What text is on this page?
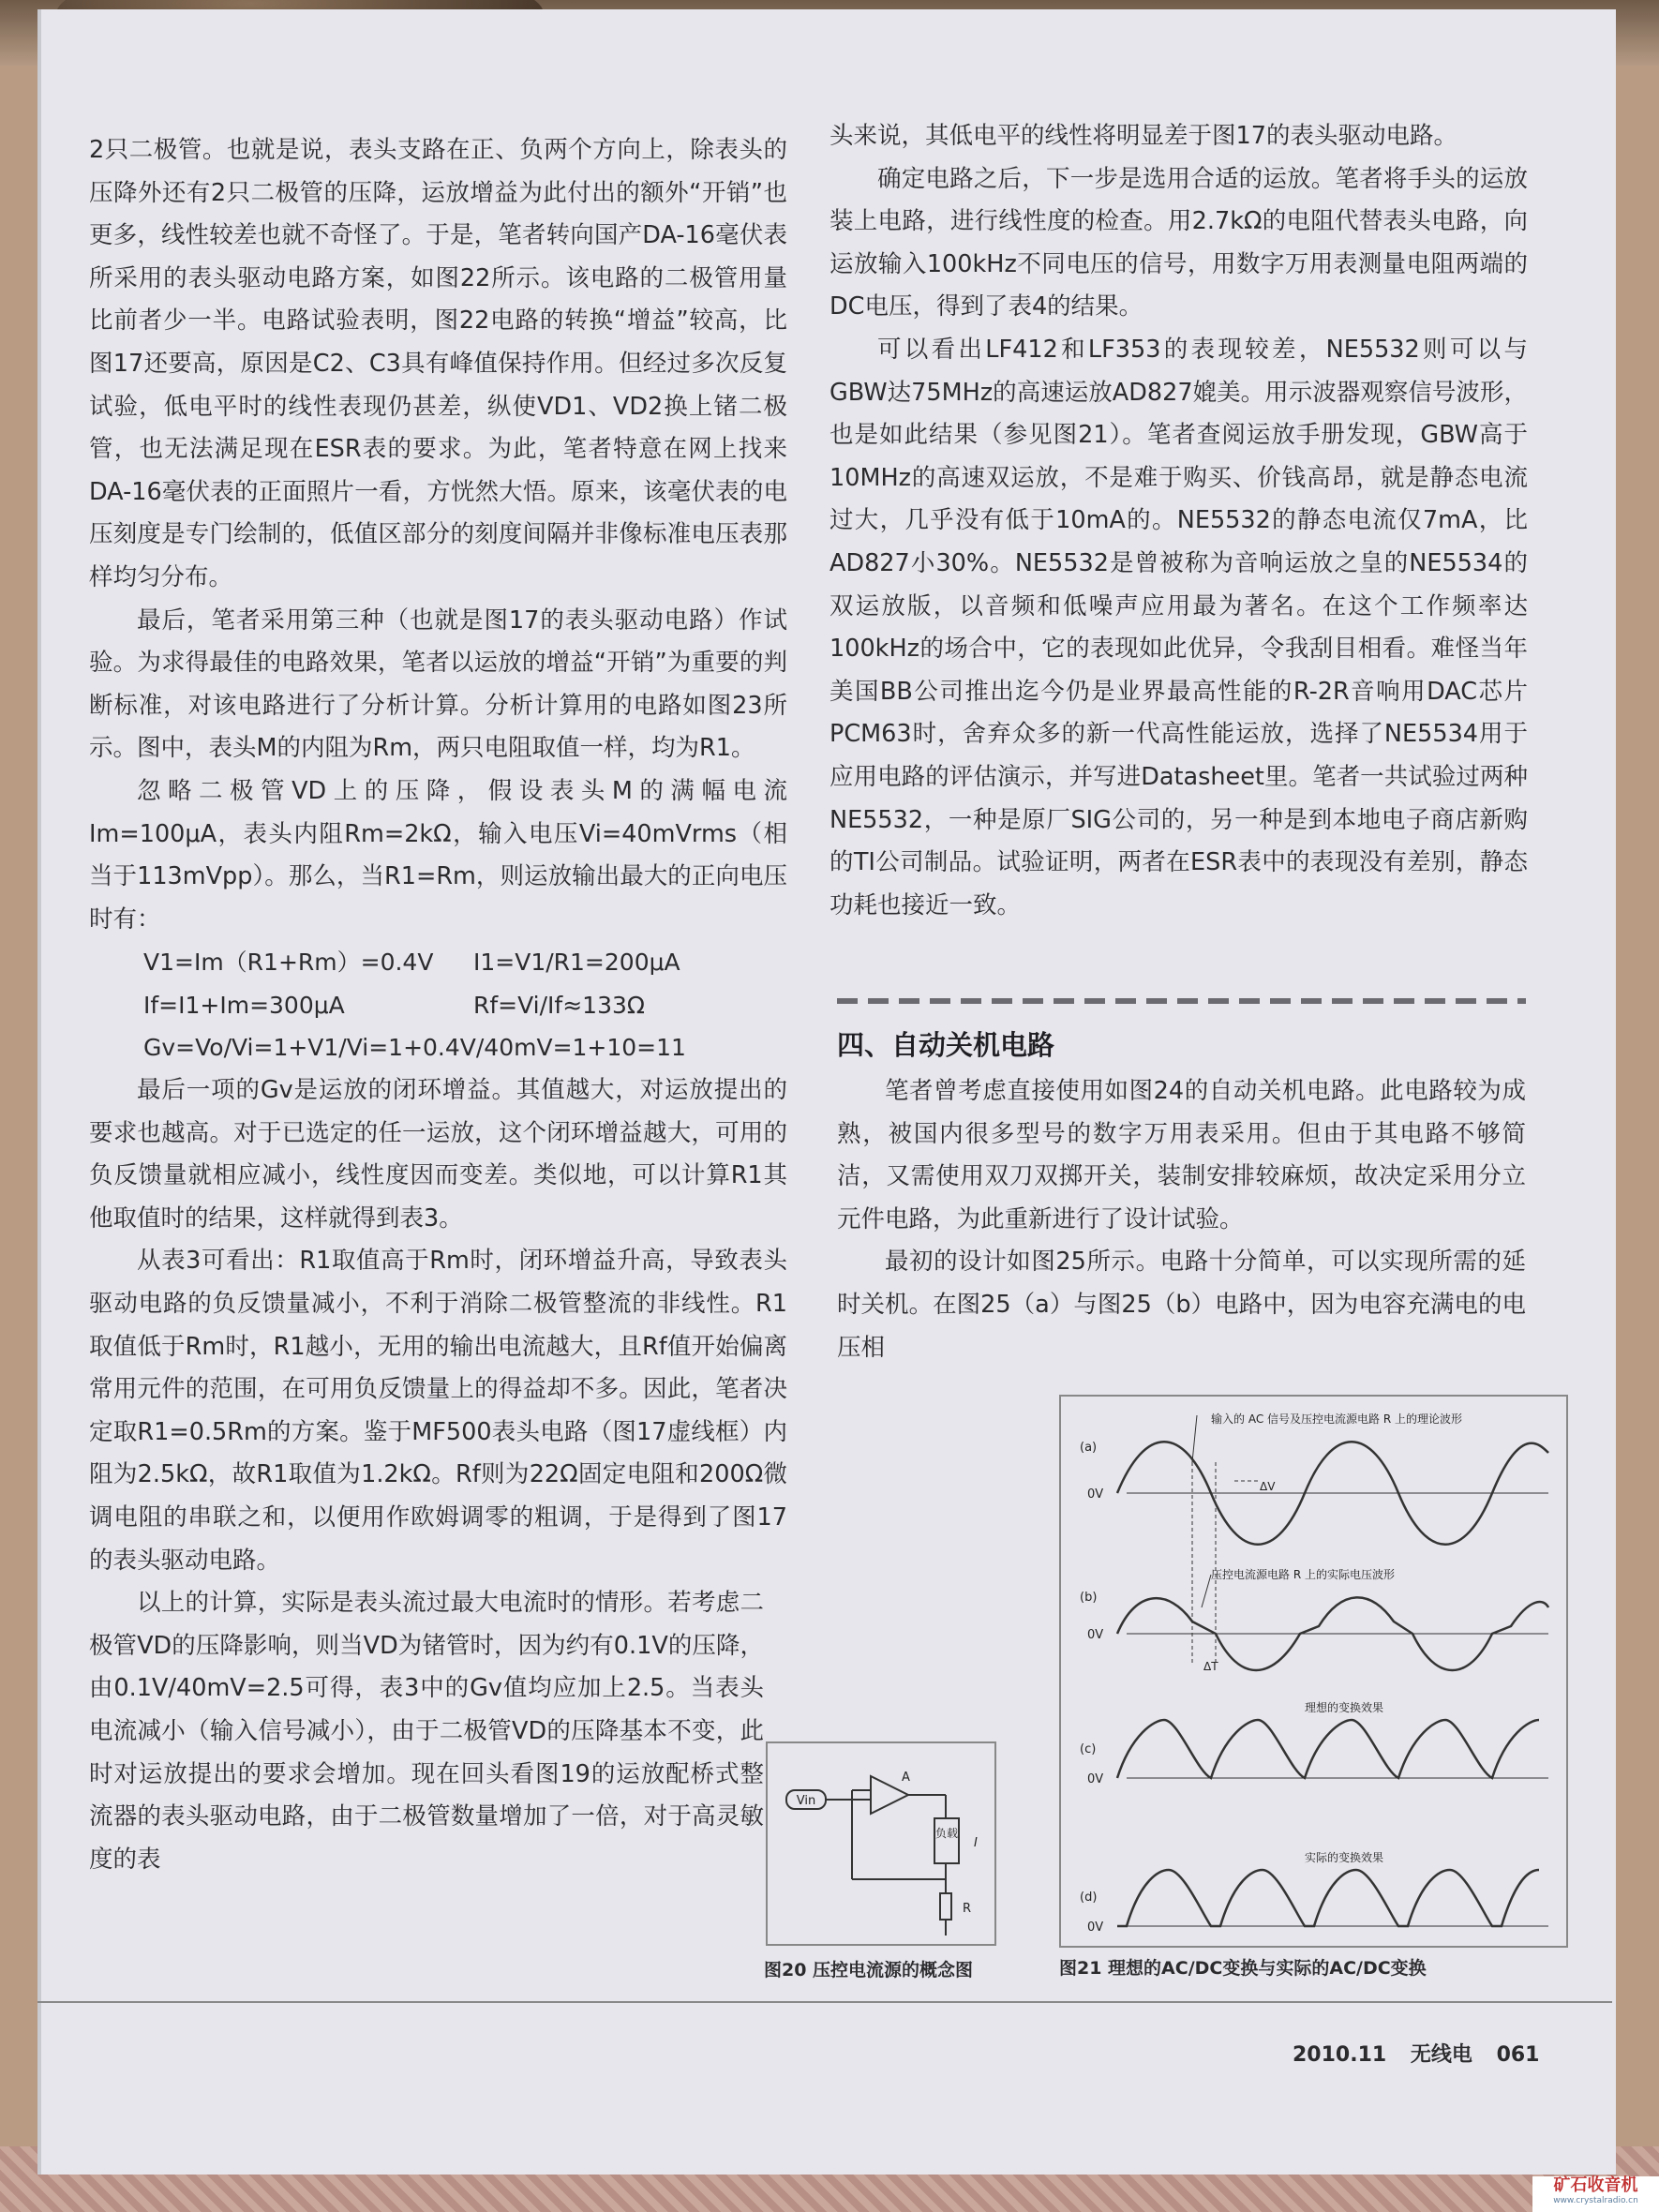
2只二极管。也就是说，表头支路在正、负两个方向上，除表头的压降外还有2只二极管的压降，运放增益为此付出的额外“开销”也更多，线性较差也就不奇怪了。于是，笔者转向国产DA-16毫伏表所采用的表头驱动电路方案，如图22所示。该电路的二极管用量比前者少一半。电路试验表明，图22电路的转换“增益”较高，比图17还要高，原因是C2、C3具有峰值保持作用。但经过多次反复试验，低电平时的线性表现仍甚差，纵使VD1、VD2换上锗二极管，也无法满足现在ESR表的要求。为此，笔者特意在网上找来DA-16毫伏表的正面照片一看，方恍然大悟。原来，该毫伏表的电压刻度是专门绘制的，低值区部分的刻度间隔并非像标准电压表那样均匀分布。

最后，笔者采用第三种（也就是图17的表头驱动电路）作试验。为求得最佳的电路效果，笔者以运放的增益“开销”为重要的判断标准，对该电路进行了分析计算。分析计算用的电路如图23所示。图中，表头M的内阻为Rm，两只电阻取值一样，均为R1。

忽略二极管VD上的压降，假设表头M的满幅电流Im=100μA，表头内阻Rm=2kΩ，输入电压Vi=40mVrms（相当于113mVpp）。那么，当R1=Rm，则运放输出最大的正向电压时有：

V1=Im（R1+Rm）=0.4V I1=V1/R1=200μA
If=I1+Im=300μA	Rf=Vi/If≈133Ω
Gv=Vo/Vi=1+V1/Vi=1+0.4V/40mV=1+10=11

最后一项的Gv是运放的闭环增益。其值越大，对运放提出的要求也越高。对于已选定的任一运放，这个闭环增益越大，可用的负反馈量就相应减小，线性度因而变差。类似地，可以计算R1其他取值时的结果，这样就得到表3。

从表3可看出：R1取值高于Rm时，闭环增益升高，导致表头驱动电路的负反馈量减小，不利于消除二极管整流的非线性。R1取值低于Rm时，R1越小，无用的输出电流越大，且Rf值开始偏离常用元件的范围，在可用负反馈量上的得益却不多。因此，笔者决定取R1=0.5Rm的方案。鉴于MF500表头电路（图17虚线框）内阻为2.5kΩ，故R1取值为1.2kΩ。Rf则为22Ω固定电阻和200Ω微调电阻的串联之和，以便用作欧姆调零的粗调，于是得到了图17的表头驱动电路。

以上的计算，实际是表头流过最大电流时的情形。若考虑二极管VD的压降影响，则当VD为锗管时，因为约有0.1V的压降，由0.1V/40mV=2.5可得，表3中的Gv值均应加上2.5。当表头电流减小（输入信号减小），由于二极管VD的压降基本不变，此时对运放提出的要求会增加。现在回头看图19的运放配桥式整流器的表头驱动电路，由于二极管数量增加了一倍，对于高灵敏度的表

头来说，其低电平的线性将明显差于图17的表头驱动电路。

确定电路之后，下一步是选用合适的运放。笔者将手头的运放装上电路，进行线性度的检查。用2.7kΩ的电阻代替表头电路，向运放输入100kHz不同电压的信号，用数字万用表测量电阻两端的DC电压，得到了表4的结果。

可以看出LF412和LF353的表现较差，NE5532则可以与GBW达75MHz的高速运放AD827媲美。用示波器观察信号波形，也是如此结果（参见图21）。笔者查阅运放手册发现，GBW高于10MHz的高速双运放，不是难于购买、价钱高昂，就是静态电流过大，几乎没有低于10mA的。NE5532的静态电流仅7mA，比AD827小30%。NE5532是曾被称为音响运放之皇的NE5534的双运放版，以音频和低噪声应用最为著名。在这个工作频率达100kHz的场合中，它的表现如此优异，令我刮目相看。难怪当年美国BB公司推出迄今仍是业界最高性能的R-2R音响用DAC芯片PCM63时，舍弃众多的新一代高性能运放，选择了NE5534用于应用电路的评估演示，并写进Datasheet里。笔者一共试验过两种NE5532，一种是原厂SIG公司的，另一种是到本地电子商店新购的TI公司制品。试验证明，两者在ESR表中的表现没有差别，静态功耗也接近一致。

四、自动关机电路

笔者曾考虑直接使用如图24的自动关机电路。此电路较为成熟，被国内很多型号的数字万用表采用。但由于其电路不够简洁，又需使用双刀双掷开关，装制安排较麻烦，故决定采用分立元件电路，为此重新进行了设计试验。

最初的设计如图25所示。电路十分简单，可以实现所需的延时关机。在图25（a）与图25（b）电路中，因为电容充满电的电压相

Vin
A
负载
I
R
图20 压控电流源的概念图
(a)
0V
(b)
0V
(c)
0V
(d)
0V
输入的 AC 信号及压控电流源电路 R 上的理论波形
压控电流源电路 R 上的实际电压波形
理想的变换效果
实际的变换效果
ΔV
ΔT
图21 理想的AC/DC变换与实际的AC/DC变换
2010.11 无线电 061
矿石收音机
www.crystalradio.cn
